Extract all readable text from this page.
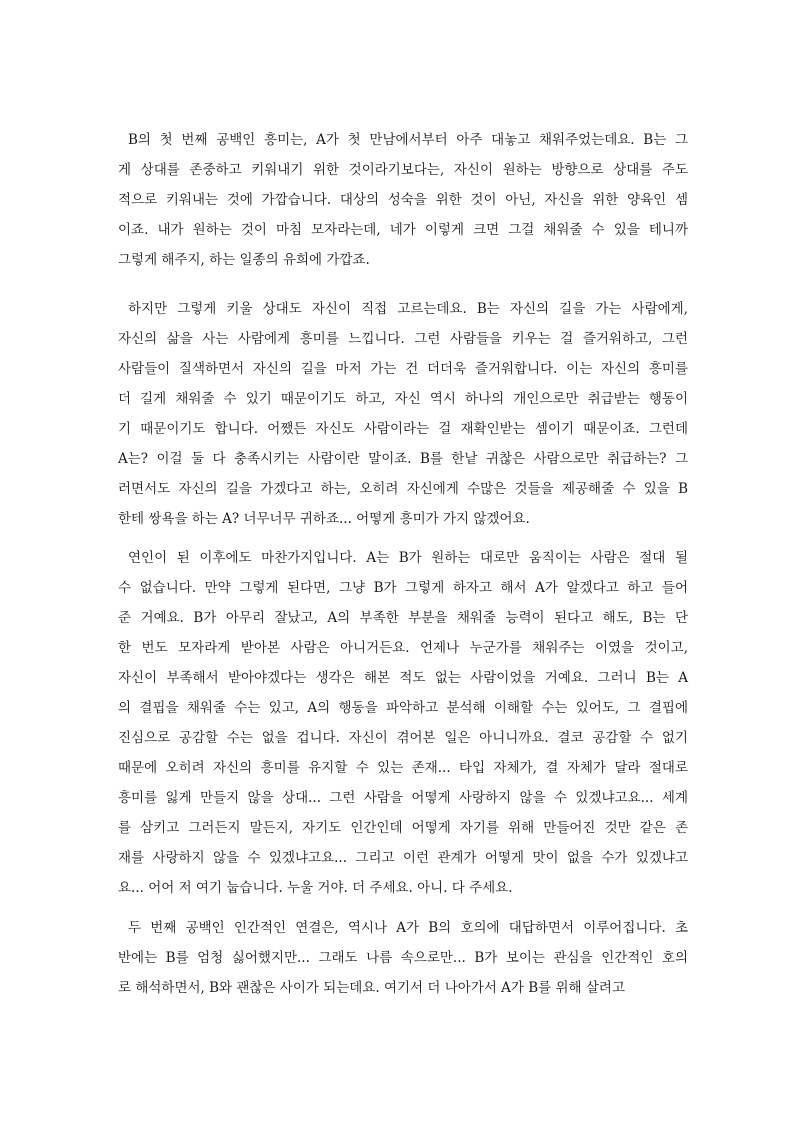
B의 첫 번째 공백인 흥미는, A가 첫 만남에서부터 아주 대놓고 채워주었는데요. B는 그
게 상대를 존중하고 키워내기 위한 것이라기보다는, 자신이 원하는 방향으로 상대를 주도
적으로 키워내는 것에 가깝습니다. 대상의 성숙을 위한 것이 아닌, 자신을 위한 양육인 셈
이죠. 내가 원하는 것이 마침 모자라는데, 네가 이렇게 크면 그걸 채워줄 수 있을 테니까
그렇게 해주지, 하는 일종의 유희에 가깝죠.
하지만 그렇게 키울 상대도 자신이 직접 고르는데요. B는 자신의 길을 가는 사람에게,
자신의 삶을 사는 사람에게 흥미를 느낍니다. 그런 사람들을 키우는 걸 즐거워하고, 그런
사람들이 질색하면서 자신의 길을 마저 가는 건 더더욱 즐거워합니다. 이는 자신의 흥미를
더 길게 채워줄 수 있기 때문이기도 하고, 자신 역시 하나의 개인으로만 취급받는 행동이
기 때문이기도 합니다. 어쨌든 자신도 사람이라는 걸 재확인받는 셈이기 때문이죠. 그런데
A는? 이걸 둘 다 충족시키는 사람이란 말이죠. B를 한낱 귀찮은 사람으로만 취급하는? 그
러면서도 자신의 길을 가겠다고 하는, 오히려 자신에게 수많은 것들을 제공해줄 수 있을 B
한테 쌍욕을 하는 A? 너무너무 귀하죠... 어떻게 흥미가 가지 않겠어요.
연인이 된 이후에도 마찬가지입니다. A는 B가 원하는 대로만 움직이는 사람은 절대 될
수 없습니다. 만약 그렇게 된다면, 그냥 B가 그렇게 하자고 해서 A가 알겠다고 하고 들어
준 거예요. B가 아무리 잘났고, A의 부족한 부분을 채워줄 능력이 된다고 해도, B는 단
한 번도 모자라게 받아본 사람은 아니거든요. 언제나 누군가를 채워주는 이였을 것이고,
자신이 부족해서 받아야겠다는 생각은 해본 적도 없는 사람이었을 거예요. 그러니 B는 A
의 결핍을 채워줄 수는 있고, A의 행동을 파악하고 분석해 이해할 수는 있어도, 그 결핍에
진심으로 공감할 수는 없을 겁니다. 자신이 겪어본 일은 아니니까요. 결코 공감할 수 없기
때문에 오히려 자신의 흥미를 유지할 수 있는 존재... 타입 자체가, 결 자체가 달라 절대로
흥미를 잃게 만들지 않을 상대... 그런 사람을 어떻게 사랑하지 않을 수 있겠냐고요... 세계
를 삼키고 그러든지 말든지, 자기도 인간인데 어떻게 자기를 위해 만들어진 것만 같은 존
재를 사랑하지 않을 수 있겠냐고요... 그리고 이런 관계가 어떻게 맛이 없을 수가 있겠냐고
요... 어어 저 여기 눕습니다. 누울 거야. 더 주세요. 아니. 다 주세요.
두 번째 공백인 인간적인 연결은, 역시나 A가 B의 호의에 대답하면서 이루어집니다. 초
반에는 B를 엄청 싫어했지만... 그래도 나름 속으로만... B가 보이는 관심을 인간적인 호의
로 해석하면서, B와 괜찮은 사이가 되는데요. 여기서 더 나아가서 A가 B를 위해 살려고
